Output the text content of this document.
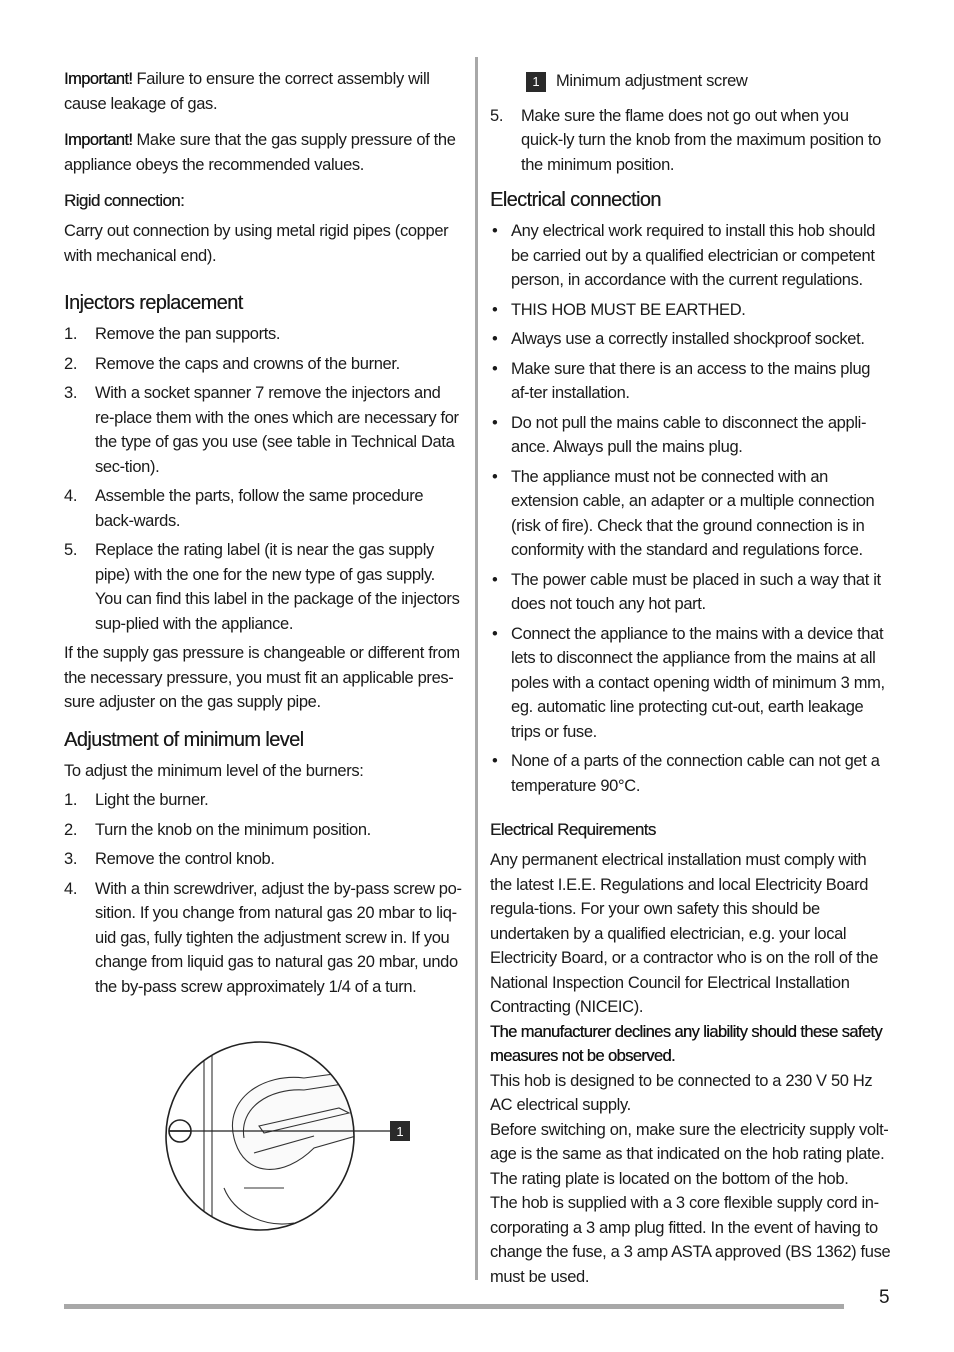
Important! Failure to ensure the correct assembly will cause leakage of gas.

Important! Make sure that the gas supply pressure of the appliance obeys the recommended values.

Rigid connection:

Carry out connection by using metal rigid pipes (copper with mechanical end).

Injectors replacement
1. Remove the pan supports.
2. Remove the caps and crowns of the burner.
3. With a socket spanner 7 remove the injectors and re-place them with the ones which are necessary for the type of gas you use (see table in Technical Data sec-tion).
4. Assemble the parts, follow the same procedure back-wards.
5. Replace the rating label (it is near the gas supply pipe) with the one for the new type of gas supply. You can find this label in the package of the injectors sup-plied with the appliance.

If the supply gas pressure is changeable or different from the necessary pressure, you must fit an applicable pres-sure adjuster on the gas supply pipe.

Adjustment of minimum level

To adjust the minimum level of the burners:

1. Light the burner.
2. Turn the knob on the minimum position.
3. Remove the control knob.
4. With a thin screwdriver, adjust the by-pass screw po-sition. If you change from natural gas 20 mbar to liq-uid gas, fully tighten the adjustment screw in. If you change from liquid gas to natural gas 20 mbar, undo the by-pass screw approximately 1/4 of a turn.
1
1 Minimum adjustment screw
5. Make sure the flame does not go out when you quick-ly turn the knob from the maximum position to the minimum position.
Electrical connection
• Any electrical work required to install this hob should be carried out by a qualified electrician or competent person, in accordance with the current regulations.
• THIS HOB MUST BE EARTHED.
• Always use a correctly installed shockproof socket.
• Make sure that there is an access to the mains plug af-ter installation.
• Do not pull the mains cable to disconnect the appli-ance. Always pull the mains plug.
• The appliance must not be connected with an extension cable, an adapter or a multiple connection (risk of fire). Check that the ground connection is in conformity with the standard and regulations force.
• The power cable must be placed in such a way that it does not touch any hot part.
• Connect the appliance to the mains with a device that lets to disconnect the appliance from the mains at all poles with a contact opening width of minimum 3 mm, eg. automatic line protecting cut-out, earth leakage trips or fuse.
• None of a parts of the connection cable can not get a temperature 90°C.
Electrical Requirements

Any permanent electrical installation must comply with the latest I.E.E. Regulations and local Electricity Board regula-tions. For your own safety this should be undertaken by a qualified electrician, e.g. your local Electricity Board, or a contractor who is on the roll of the National Inspection Council for Electrical Installation Contracting (NICEIC).

The manufacturer declines any liability should these safety measures not be observed.

This hob is designed to be connected to a 230 V 50 Hz AC electrical supply.

Before switching on, make sure the electricity supply volt-age is the same as that indicated on the hob rating plate. The rating plate is located on the bottom of the hob.

The hob is supplied with a 3 core flexible supply cord in-corporating a 3 amp plug fitted. In the event of having to change the fuse, a 3 amp ASTA approved (BS 1362) fuse must be used.

5
